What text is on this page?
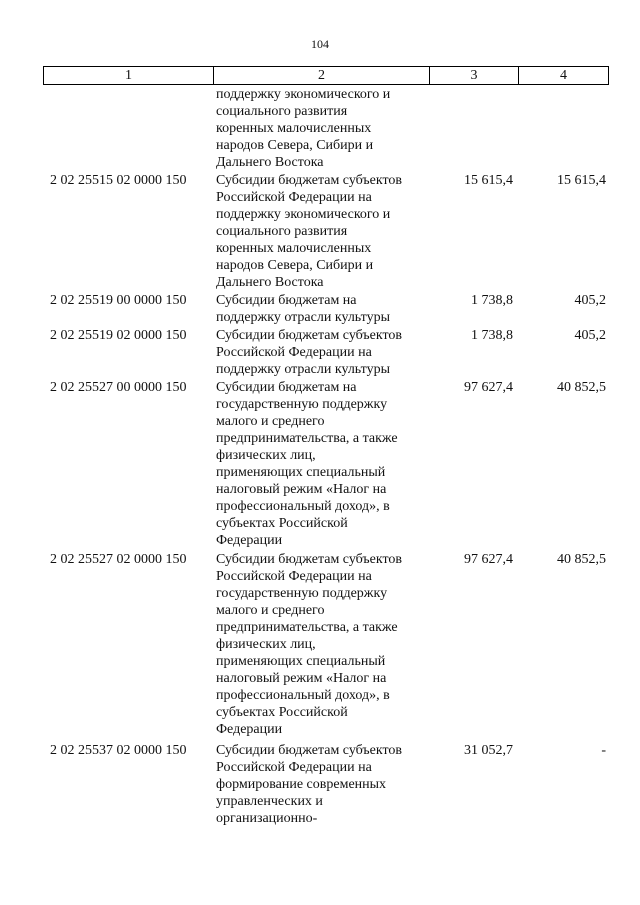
104
1	2	3	4
поддержку экономического и
социального развития
коренных малочисленных
народов Севера, Сибири и
Дальнего Востока
2 02 25515 02 0000 150 Субсидии бюджетам субъектов
Российской Федерации на
поддержку экономического и
социального развития
коренных малочисленных
народов Севера, Сибири и
Дальнего Востока
15 615,4	15 615,4
2 02 25519 00 0000 150 Субсидии бюджетам на
поддержку отрасли культуры
1 738,8	405,2
2 02 25519 02 0000 150 Субсидии бюджетам субъектов
Российской Федерации на
поддержку отрасли культуры
1 738,8	405,2
2 02 25527 00 0000 150 Субсидии бюджетам на
государственную поддержку
малого и среднего
предпринимательства, а также
физических лиц,
применяющих специальный
налоговый режим «Налог на
профессиональный доход», в
субъектах Российской
Федерации
97 627,4	40 852,5
2 02 25527 02 0000 150 Субсидии бюджетам субъектов
Российской Федерации на
государственную поддержку
малого и среднего
предпринимательства, а также
физических лиц,
применяющих специальный
налоговый режим «Налог на
профессиональный доход», в
субъектах Российской
Федерации
97 627,4	40 852,5
2 02 25537 02 0000 150 Субсидии бюджетам субъектов
Российской Федерации на
формирование современных
управленческих и
организационно-
31 052,7	-
